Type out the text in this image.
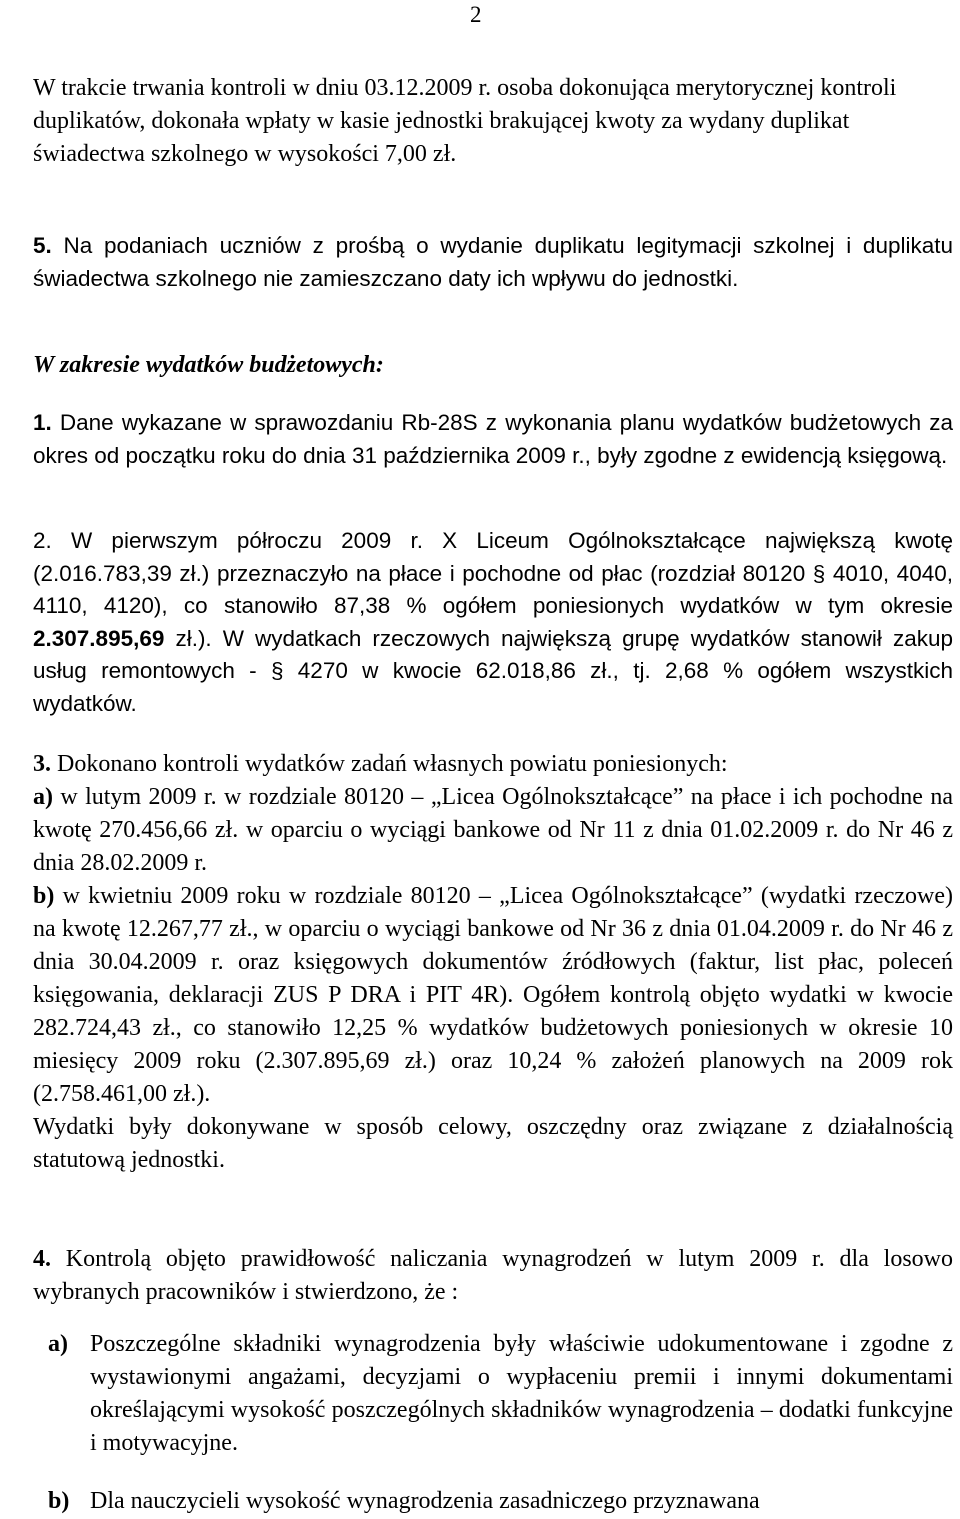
2

W trakcie trwania kontroli w dniu 03.12.2009 r. osoba dokonująca merytorycznej kontroli duplikatów, dokonała wpłaty w kasie jednostki brakującej kwoty za wydany duplikat świadectwa szkolnego w wysokości 7,00 zł.

5. Na podaniach uczniów z prośbą o wydanie duplikatu legitymacji szkolnej i duplikatu świadectwa szkolnego nie zamieszczano daty ich wpływu do jednostki.

W zakresie wydatków budżetowych:

1. Dane wykazane w sprawozdaniu Rb-28S z wykonania planu wydatków budżetowych za okres od początku roku do dnia 31 października 2009 r., były zgodne z ewidencją księgową.

2. W pierwszym półroczu 2009 r. X Liceum Ogólnokształcące największą kwotę (2.016.783,39 zł.) przeznaczyło na płace i pochodne od płac (rozdział 80120 § 4010, 4040, 4110, 4120), co stanowiło 87,38 % ogółem poniesionych wydatków w tym okresie 2.307.895,69 zł.). W wydatkach rzeczowych największą grupę wydatków stanowił zakup usług remontowych - § 4270 w kwocie 62.018,86 zł., tj. 2,68 % ogółem wszystkich wydatków.

3. Dokonano kontroli wydatków zadań własnych powiatu poniesionych:
a) w lutym 2009 r. w rozdziale 80120 – „Licea Ogólnokształcące” na płace i ich pochodne na kwotę 270.456,66 zł. w oparciu o wyciągi bankowe od Nr 11 z dnia 01.02.2009 r. do Nr 46 z dnia 28.02.2009 r.
b) w kwietniu 2009 roku w rozdziale 80120 – „Licea Ogólnokształcące” (wydatki rzeczowe) na kwotę 12.267,77 zł., w oparciu o wyciągi bankowe od Nr 36 z dnia 01.04.2009 r. do Nr 46 z dnia 30.04.2009 r. oraz księgowych dokumentów źródłowych (faktur, list płac, poleceń księgowania, deklaracji ZUS P DRA i PIT 4R). Ogółem kontrolą objęto wydatki w kwocie 282.724,43 zł., co stanowiło 12,25 % wydatków budżetowych poniesionych w okresie 10 miesięcy 2009 roku (2.307.895,69 zł.) oraz 10,24 % założeń planowych na 2009 rok (2.758.461,00 zł.).
Wydatki były dokonywane w sposób celowy, oszczędny oraz związane z działalnością statutową jednostki.

4. Kontrolą objęto prawidłowość naliczania wynagrodzeń w lutym 2009 r. dla losowo wybranych pracowników i stwierdzono, że :

a) Poszczególne składniki wynagrodzenia były właściwie udokumentowane i zgodne z wystawionymi angażami, decyzjami o wypłaceniu premii i innymi dokumentami określającymi wysokość poszczególnych składników wynagrodzenia – dodatki funkcyjne i motywacyjne.

b) Dla nauczycieli wysokość wynagrodzenia zasadniczego przyznawana
